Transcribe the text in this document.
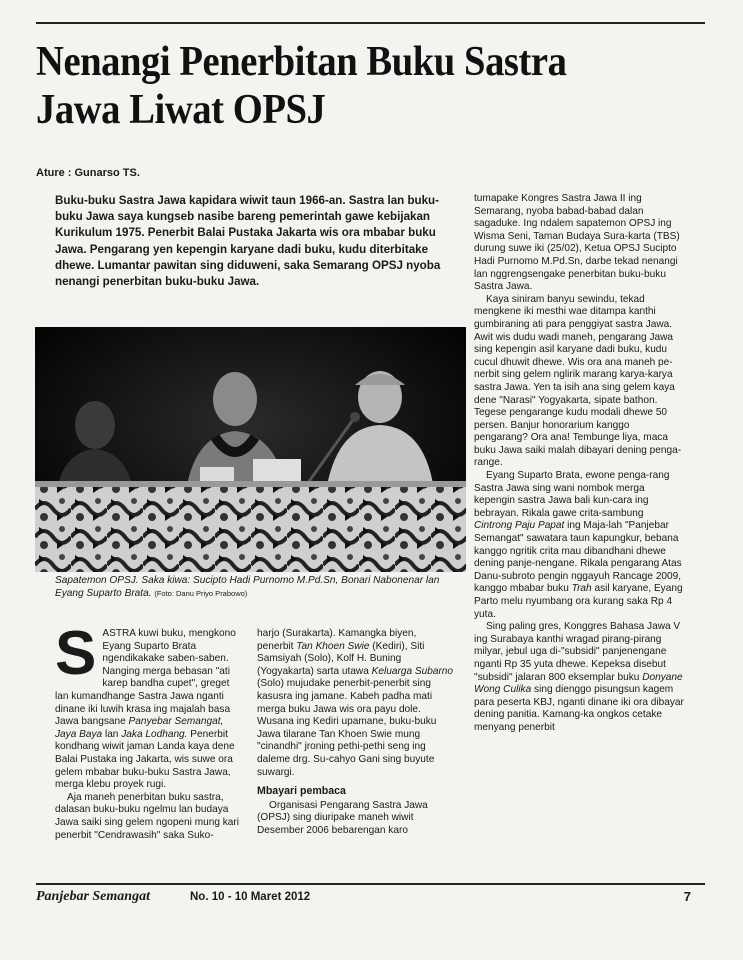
Nenangi Penerbitan Buku Sastra Jawa Liwat OPSJ
Ature : Gunarso TS.
Buku-buku Sastra Jawa kapidara wiwit taun 1966-an. Sastra lan buku-buku Jawa saya kungseb nasibe bareng pemerintah gawe kebijakan Kurikulum 1975. Penerbit Balai Pustaka Jakarta wis ora mbabar buku Jawa. Pengarang yen kepengin karyane dadi buku, kudu diterbitake dhewe. Lumantar pawitan sing diduweni, saka Semarang OPSJ nyoba nenangi penerbitan buku-buku Jawa.
Sapatemon OPSJ. Saka kiwa: Sucipto Hadi Purnomo M.Pd.Sn, Bonari Nabonenar lan Eyang Suparto Brata. (Foto: Danu Priyo Prabowo)

SASTRA kuwi buku, mengkono Eyang Suparto Brata ngendikakake saben-saben. Nanging merga bebasan "ati karep bandha cupet", greget lan kumandhange Sastra Jawa nganti dinane iki luwih krasa ing majalah basa Jawa bangsane Panyebar Semangat, Jaya Baya lan Jaka Lodhang. Penerbit kondhang wiwit jaman Landa kaya dene Balai Pustaka ing Jakarta, wis suwe ora gelem mbabar buku-buku Sastra Jawa, merga klebu proyek rugi.

Aja maneh penerbitan buku sastra, dalasan buku-buku ngelmu lan budaya Jawa saiki sing gelem ngopeni mung kari penerbit "Cendrawasih" saka Suko-

harjo (Surakarta). Kamangka biyen, penerbit Tan Khoen Swie (Kediri), Siti Samsiyah (Solo), Kolf H. Buning (Yogyakarta) sarta utawa Keluarga Subarno (Solo) mujudake penerbit-penerbit sing kasusra ing jamane. Kabeh padha mati merga buku Jawa wis ora payu dole. Wusana ing Kediri upamane, buku-buku Jawa tilarane Tan Khoen Swie mung "cinandhi" jroning pethi-pethi seng ing daleme drg. Su-cahyo Gani sing buyute suwargi.

Mbayari pembaca

Organisasi Pengarang Sastra Jawa (OPSJ) sing diuripake maneh wiwit Desember 2006 bebarengan karo

tumapake Kongres Sastra Jawa II ing Semarang, nyoba babad-babad dalan sagaduke. Ing ndalem sapatemon OPSJ ing Wisma Seni, Taman Budaya Sura-karta (TBS) durung suwe iki (25/02), Ketua OPSJ Sucipto Hadi Purnomo M.Pd.Sn, darbe tekad nenangi lan nggrengsengake penerbitan buku-buku Sastra Jawa.

Kaya siniram banyu sewindu, tekad mengkene iki mesthi wae ditampa kanthi gumbiraning ati para penggiyat sastra Jawa. Awit wis dudu wadi maneh, pengarang Jawa sing kepengin asil karyane dadi buku, kudu cucul dhuwit dhewe. Wis ora ana maneh pe-nerbit sing gelem nglirik marang karya-karya sastra Jawa. Yen ta isih ana sing gelem kaya dene "Narasi" Yogyakarta, sipate bathon. Tegese pengarange kudu modali dhewe 50 persen. Banjur honorarium kanggo pengarang? Ora ana! Tembunge liya, maca buku Jawa saiki malah dibayari dening penga-range.

Eyang Suparto Brata, ewone penga-rang Sastra Jawa sing wani nombok merga kepengin sastra Jawa bali kun-cara ing bebrayan. Rikala gawe crita-sambung Cintrong Paju Papat ing Maja-lah "Panjebar Semangat" sawatara taun kapungkur, bebana kanggo ngritik crita mau dibandhani dhewe dening panje-nengane. Rikala pengarang Atas Danu-subroto pengin nggayuh Rancage 2009, kanggo mbabar buku Trah asil karyane, Eyang Parto melu nyumbang ora kurang saka Rp 4 yuta.

Sing paling gres, Konggres Bahasa Jawa V ing Surabaya kanthi wragad pirang-pirang milyar, jebul uga di-"subsidi" panjenengane nganti Rp 35 yuta dhewe. Kepeksa disebut "subsidi" jalaran 800 eksemplar buku Donyane Wong Culika sing dienggo pisungsun kagem para peserta KBJ, nganti dinane iki ora dibayar dening panitia. Kamang-ka ongkos cetake menyang penerbit

Panjebar Semangat	No. 10 - 10 Maret 2012	7
